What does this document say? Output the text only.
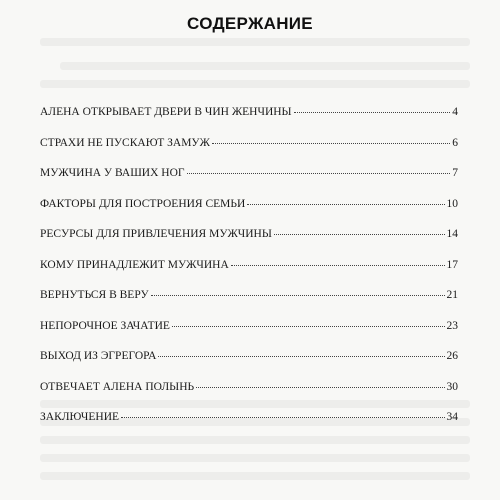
СОДЕРЖАНИЕ
АЛЕНА ОТКРЫВАЕТ ДВЕРИ В ЧИН ЖЕНЧИНЫ	4
СТРАХИ НЕ ПУСКАЮТ ЗАМУЖ	6
МУЖЧИНА У ВАШИХ НОГ	7
ФАКТОРЫ ДЛЯ ПОСТРОЕНИЯ СЕМЬИ	10
РЕСУРСЫ ДЛЯ ПРИВЛЕЧЕНИЯ МУЖЧИНЫ	14
КОМУ ПРИНАДЛЕЖИТ МУЖЧИНА	17
ВЕРНУТЬСЯ В ВЕРУ	21
НЕПОРОЧНОЕ ЗАЧАТИЕ	23
ВЫХОД ИЗ ЭГРЕГОРА	26
ОТВЕЧАЕТ АЛЕНА ПОЛЫНЬ	30
ЗАКЛЮЧЕНИЕ	34
